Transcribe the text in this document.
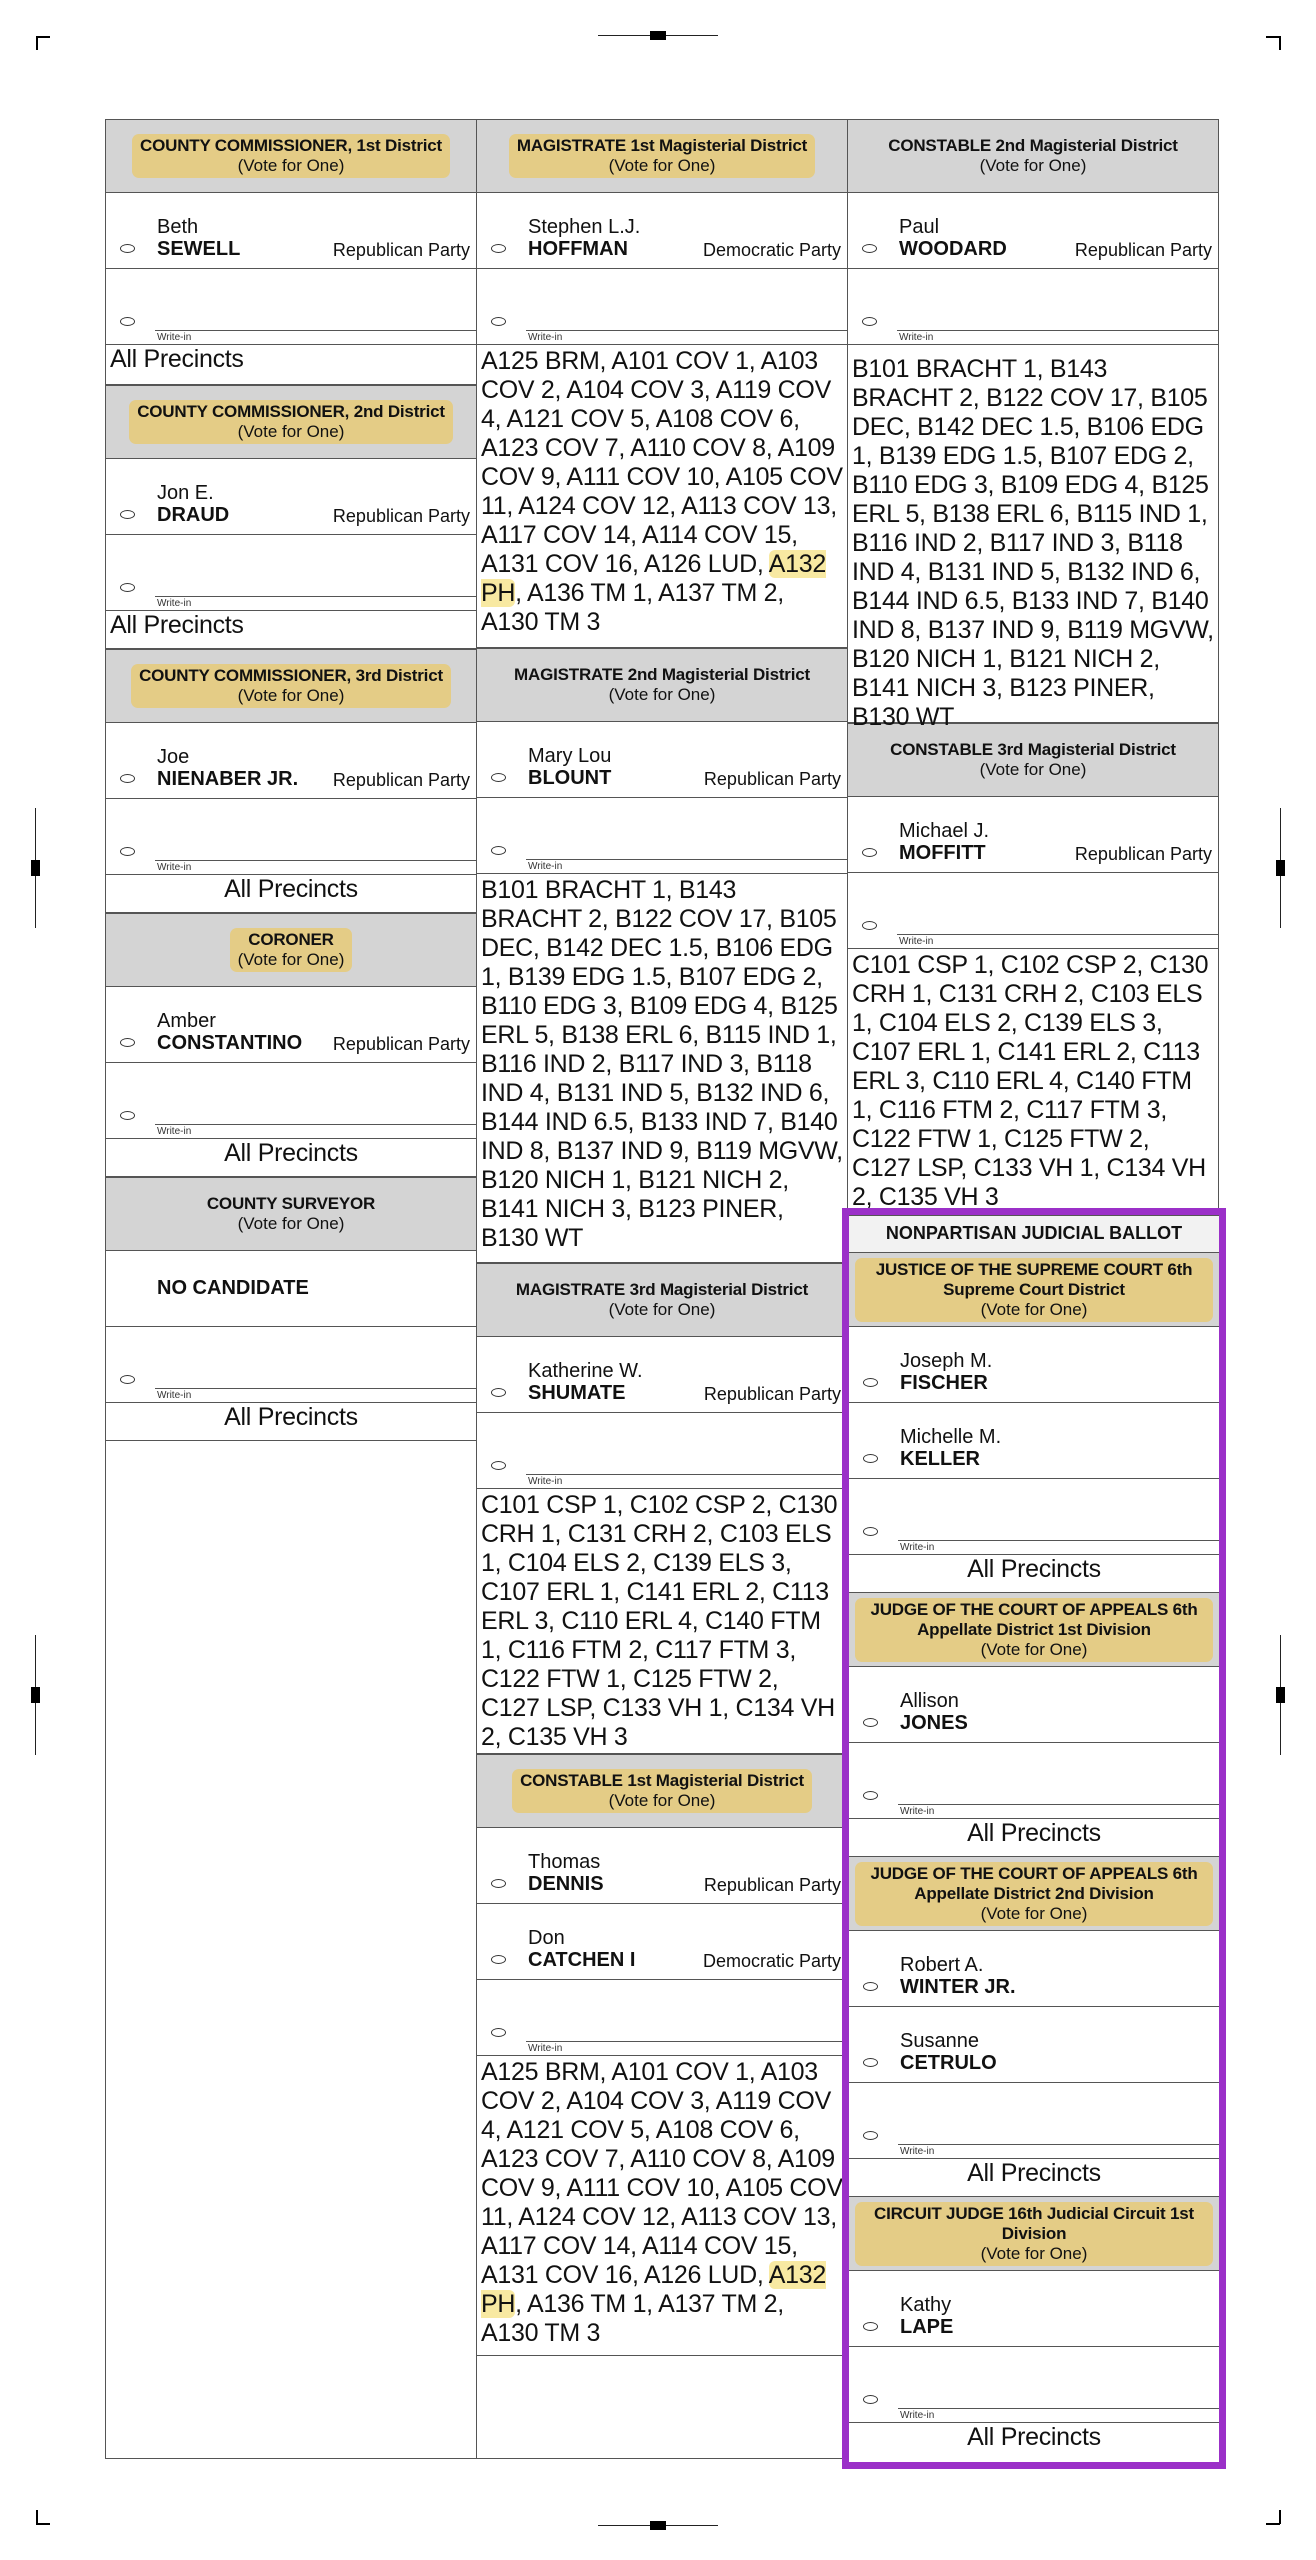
COUNTY COMMISSIONER, 1st District
(Vote for One)
Beth
SEWELL	Republican Party
Write-in
All Precincts
COUNTY COMMISSIONER, 2nd District
(Vote for One)
Jon E.
DRAUD	Republican Party
Write-in
All Precincts
COUNTY COMMISSIONER, 3rd District
(Vote for One)
Joe
NIENABER JR. Republican Party
Write-in
All Precincts
CORONER
(Vote for One)
Amber
CONSTANTINO Republican Party
Write-in
All Precincts
COUNTY SURVEYOR
(Vote for One)
NO CANDIDATE
Write-in
All Precincts
MAGISTRATE 1st Magisterial District
(Vote for One)
Stephen L.J.
HOFFMAN	Democratic Party
Write-in
A125 BRM, A101 COV 1, A103 COV 2, A104 COV 3, A119 COV 4, A121 COV 5, A108 COV 6, A123 COV 7, A110 COV 8, A109 COV 9, A111 COV 10, A105 COV 11, A124 COV 12, A113 COV 13, A117 COV 14, A114 COV 15, A131 COV 16, A126 LUD, A132 PH, A136 TM 1, A137 TM 2, A130 TM 3
MAGISTRATE 2nd Magisterial District
(Vote for One)
Mary Lou
BLOUNT	Republican Party
Write-in
B101 BRACHT 1, B143 BRACHT 2, B122 COV 17, B105 DEC, B142 DEC 1.5, B106 EDG 1, B139 EDG 1.5, B107 EDG 2, B110 EDG 3, B109 EDG 4, B125 ERL 5, B138 ERL 6, B115 IND 1, B116 IND 2, B117 IND 3, B118 IND 4, B131 IND 5, B132 IND 6, B144 IND 6.5, B133 IND 7, B140 IND 8, B137 IND 9, B119 MGVW, B120 NICH 1, B121 NICH 2, B141 NICH 3, B123 PINER, B130 WT
MAGISTRATE 3rd Magisterial District
(Vote for One)
Katherine W.
SHUMATE	Republican Party
Write-in
C101 CSP 1, C102 CSP 2, C130 CRH 1, C131 CRH 2, C103 ELS 1, C104 ELS 2, C139 ELS 3, C107 ERL 1, C141 ERL 2, C113 ERL 3, C110 ERL 4, C140 FTM 1, C116 FTM 2, C117 FTM 3, C122 FTW 1, C125 FTW 2, C127 LSP, C133 VH 1, C134 VH 2, C135 VH 3
CONSTABLE 1st Magisterial District
(Vote for One)
Thomas
DENNIS	Republican Party
Don
CATCHEN I	Democratic Party
Write-in
A125 BRM, A101 COV 1, A103 COV 2, A104 COV 3, A119 COV 4, A121 COV 5, A108 COV 6, A123 COV 7, A110 COV 8, A109 COV 9, A111 COV 10, A105 COV 11, A124 COV 12, A113 COV 13, A117 COV 14, A114 COV 15, A131 COV 16, A126 LUD, A132 PH, A136 TM 1, A137 TM 2, A130 TM 3
CONSTABLE 2nd Magisterial District
(Vote for One)
Paul
WOODARD	Republican Party
Write-in
B101 BRACHT 1, B143 BRACHT 2, B122 COV 17, B105 DEC, B142 DEC 1.5, B106 EDG 1, B139 EDG 1.5, B107 EDG 2, B110 EDG 3, B109 EDG 4, B125 ERL 5, B138 ERL 6, B115 IND 1, B116 IND 2, B117 IND 3, B118 IND 4, B131 IND 5, B132 IND 6, B144 IND 6.5, B133 IND 7, B140 IND 8, B137 IND 9, B119 MGVW, B120 NICH 1, B121 NICH 2, B141 NICH 3, B123 PINER, B130 WT
CONSTABLE 3rd Magisterial District
(Vote for One)
Michael J.
MOFFITT	Republican Party
Write-in
C101 CSP 1, C102 CSP 2, C130 CRH 1, C131 CRH 2, C103 ELS 1, C104 ELS 2, C139 ELS 3, C107 ERL 1, C141 ERL 2, C113 ERL 3, C110 ERL 4, C140 FTM 1, C116 FTM 2, C117 FTM 3, C122 FTW 1, C125 FTW 2, C127 LSP, C133 VH 1, C134 VH 2, C135 VH 3
NONPARTISAN JUDICIAL BALLOT
JUSTICE OF THE SUPREME COURT 6th Supreme Court District
(Vote for One)
Joseph M.
FISCHER
Michelle M.
KELLER
Write-in
All Precincts
JUDGE OF THE COURT OF APPEALS 6th Appellate District 1st Division
(Vote for One)
Allison
JONES
Write-in
All Precincts
JUDGE OF THE COURT OF APPEALS 6th Appellate District 2nd Division
(Vote for One)
Robert A.
WINTER JR.
Susanne
CETRULO
Write-in
All Precincts
CIRCUIT JUDGE 16th Judicial Circuit 1st Division
(Vote for One)
Kathy
LAPE
Write-in
All Precincts
